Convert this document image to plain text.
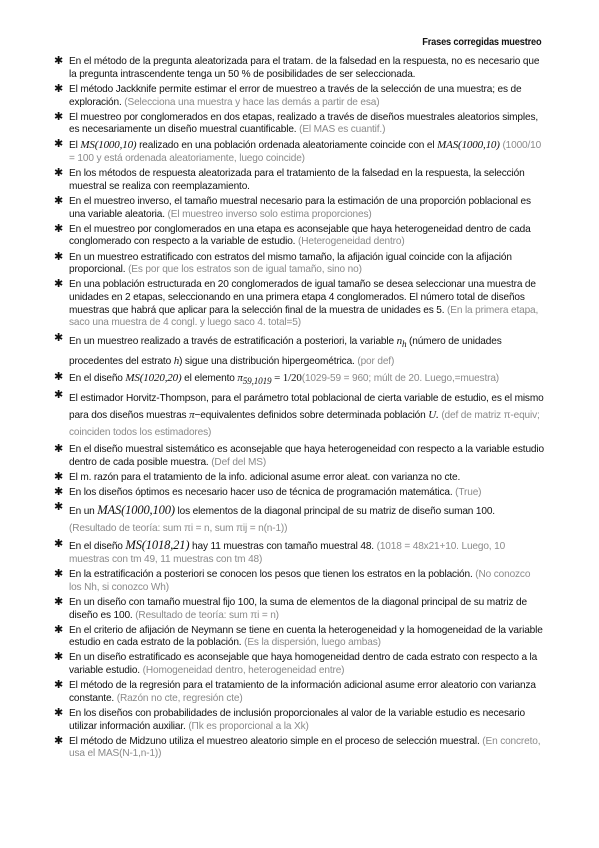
Frases corregidas muestreo
✱ En el método de la pregunta aleatorizada para el tratam. de la falsedad en la respuesta, no es necesario que la pregunta intrascendente tenga un 50 % de posibilidades de ser seleccionada.
✱ El método Jackknife permite estimar el error de muestreo a través de la selección de una muestra; es de exploración. (Selecciona una muestra y hace las demás a partir de esa)
✱ El muestreo por conglomerados en dos etapas, realizado a través de diseños muestrales aleatorios simples, es necesariamente un diseño muestral cuantificable. (El MAS es cuantif.)
✱ El MS(1000,10) realizado en una población ordenada aleatoriamente coincide con el MAS(1000,10) (1000/10 = 100 y está ordenada aleatoriamente, luego coincide)
✱ En los métodos de respuesta aleatorizada para el tratamiento de la falsedad en la respuesta, la selección muestral se realiza con reemplazamiento.
✱ En el muestreo inverso, el tamaño muestral necesario para la estimación de una proporción poblacional es una variable aleatoria. (El muestreo inverso solo estima proporciones)
✱ En el muestreo por conglomerados en una etapa es aconsejable que haya heterogeneidad dentro de cada conglomerado con respecto a la variable de estudio. (Heterogeneidad dentro)
✱ En un muestreo estratificado con estratos del mismo tamaño, la afijación igual coincide con la afijación proporcional. (Es por que los estratos son de igual tamaño, sino no)
✱ En una población estructurada en 20 conglomerados de igual tamaño se desea seleccionar una muestra de unidades en 2 etapas, seleccionando en una primera etapa 4 conglomerados. El número total de diseños muestras que habrá que aplicar para la selección final de la muestra de unidades es 5. (En la primera etapa, saco una muestra de 4 congl. y luego saco 4. total=5)
✱ En un muestreo realizado a través de estratificación a posteriori, la variable $n_h$ (número de unidades procedentes del estrato h) sigue una distribución hipergeométrica. (por def)
✱ En el diseño MS(1020,20) el elemento $\pi_{59,1019} = 1/20(1029-59 = 960$; múlt de 20. Luego,=muestra)
✱ El estimador Horvitz-Thompson, para el parámetro total poblacional de cierta variable de estudio, es el mismo para dos diseños muestras π−equivalentes definidos sobre determinada población U. (def de matriz π-equiv; coinciden todos los estimadores)
✱ En el diseño muestral sistemático es aconsejable que haya heterogeneidad con respecto a la variable estudio dentro de cada posible muestra. (Def del MS)
✱ El m. razón para el tratamiento de la info. adicional asume error aleat. con varianza no cte.
✱ En los diseños óptimos es necesario hacer uso de técnica de programación matemática. (True)
✱ En un MAS(1000,100) los elementos de la diagonal principal de su matriz de diseño suman 100. (Resultado de teoría: sum πi = n, sum πij = n(n-1))
✱ En el diseño MS(1018,21) hay 11 muestras con tamaño muestral 48. (1018 = 48x21+10. Luego, 10 muestras con tm 49, 11 muestras con tm 48)
✱ En la estratificación a posteriori se conocen los pesos que tienen los estratos en la población. (No conozco los Nh, si conozco Wh)
✱ En un diseño con tamaño muestral fijo 100, la suma de elementos de la diagonal principal de su matriz de diseño es 100. (Resultado de teoría: sum πi = n)
✱ En el criterio de afijación de Neymann se tiene en cuenta la heterogeneidad y la homogeneidad de la variable estudio en cada estrato de la población. (Es la dispersión, luego ambas)
✱ En un diseño estratificado es aconsejable que haya homogeneidad dentro de cada estrato con respecto a la variable estudio. (Homogeneidad dentro, heterogeneidad entre)
✱ El método de la regresión para el tratamiento de la información adicional asume error aleatorio con varianza constante. (Razón no cte, regresión cte)
✱ En los diseños con probabilidades de inclusión proporcionales al valor de la variable estudio es necesario utilizar información auxiliar. (Πk es proporcional a la Xk)
✱ El método de Midzuno utiliza el muestreo aleatorio simple en el proceso de selección muestral. (En concreto, usa el MAS(N-1,n-1))
